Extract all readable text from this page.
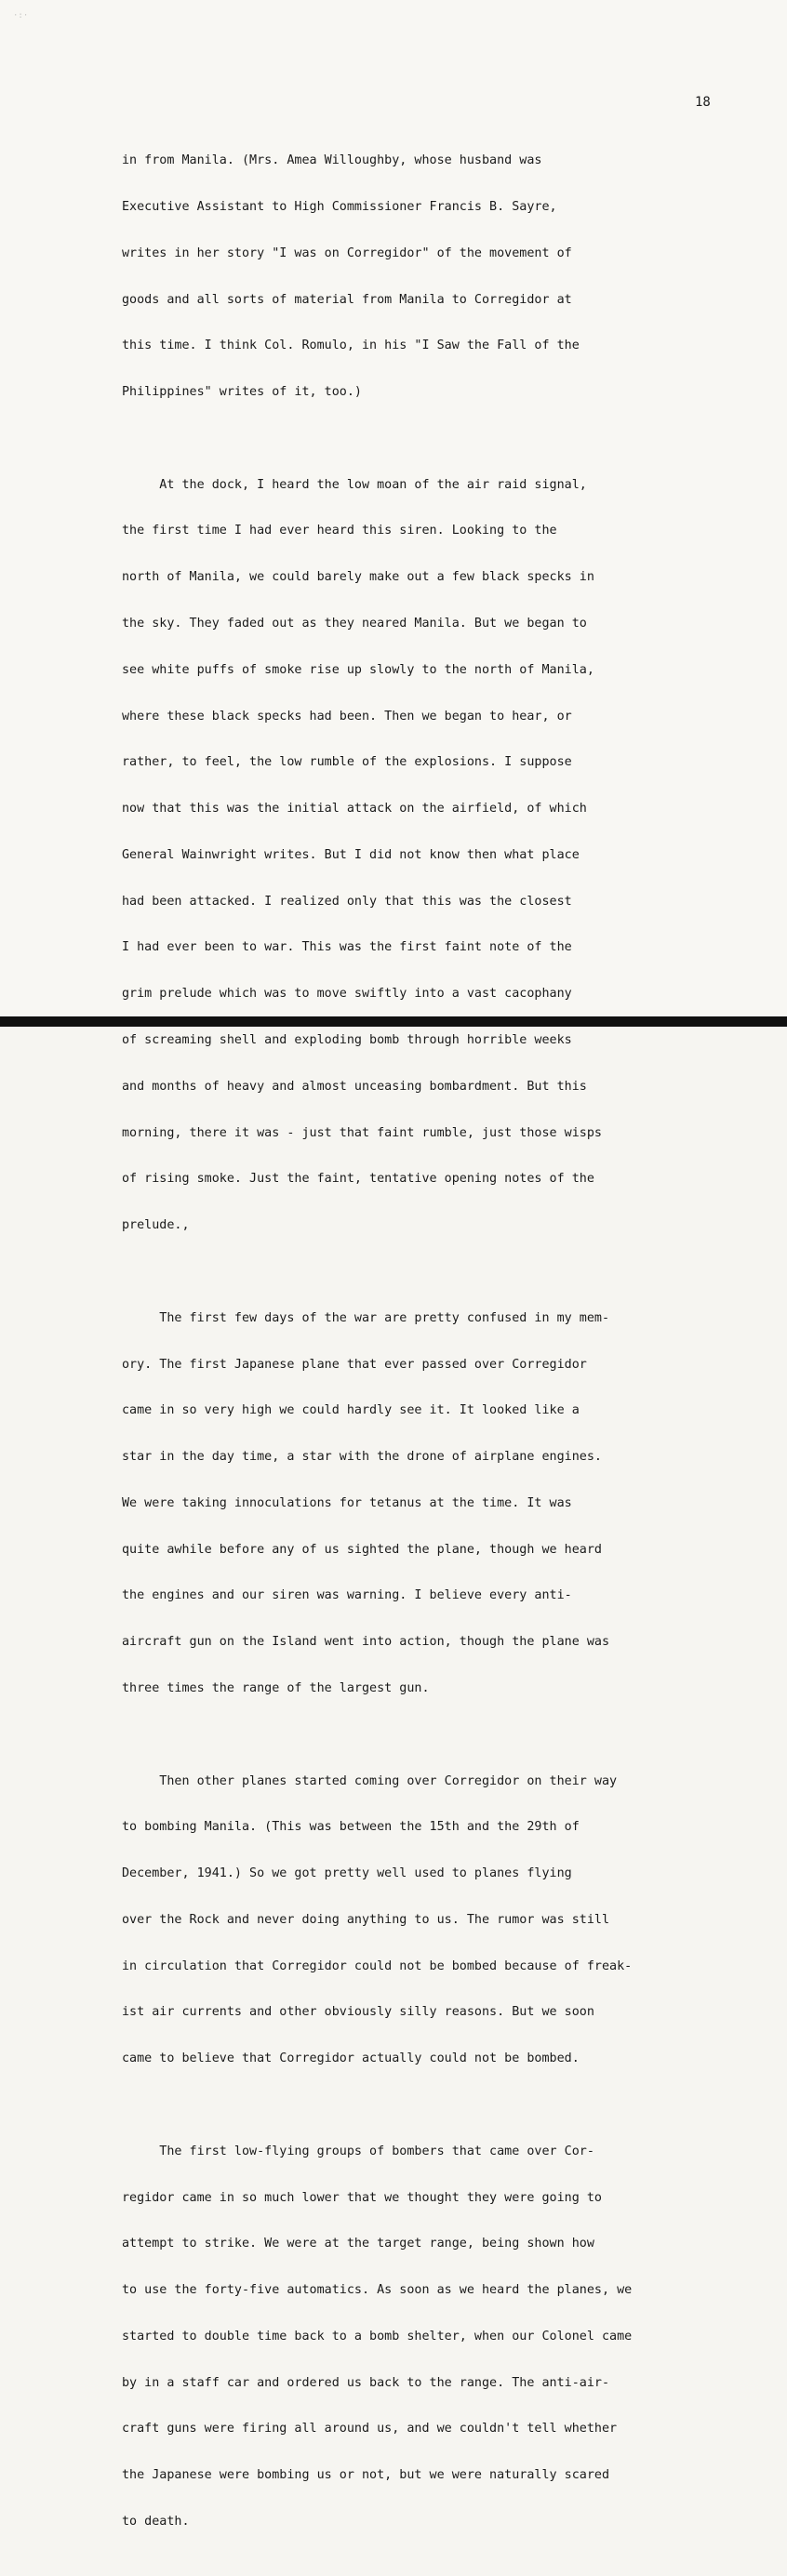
·:·
18

in from Manila. (Mrs. Amea Willoughby, whose husband was

Executive Assistant to High Commissioner Francis B. Sayre,

writes in her story "I was on Corregidor" of the movement of

goods and all sorts of material from Manila to Corregidor at

this time. I think Col. Romulo, in his "I Saw the Fall of the

Philippines" writes of it, too.)

At the dock, I heard the low moan of the air raid signal,

the first time I had ever heard this siren. Looking to the

north of Manila, we could barely make out a few black specks in

the sky. They faded out as they neared Manila. But we began to

see white puffs of smoke rise up slowly to the north of Manila,

where these black specks had been. Then we began to hear, or

rather, to feel, the low rumble of the explosions. I suppose

now that this was the initial attack on the airfield, of which

General Wainwright writes. But I did not know then what place

had been attacked. I realized only that this was the closest

I had ever been to war. This was the first faint note of the

grim prelude which was to move swiftly into a vast cacophany

of screaming shell and exploding bomb through horrible weeks

and months of heavy and almost unceasing bombardment. But this

morning, there it was - just that faint rumble, just those wisps

of rising smoke. Just the faint, tentative opening notes of the

prelude.,

The first few days of the war are pretty confused in my mem-

ory. The first Japanese plane that ever passed over Corregidor

came in so very high we could hardly see it. It looked like a

star in the day time, a star with the drone of airplane engines.

We were taking innoculations for tetanus at the time. It was

quite awhile before any of us sighted the plane, though we heard

the engines and our siren was warning. I believe every anti-

aircraft gun on the Island went into action, though the plane was

three times the range of the largest gun.

Then other planes started coming over Corregidor on their way

to bombing Manila. (This was between the 15th and the 29th of

December, 1941.) So we got pretty well used to planes flying

over the Rock and never doing anything to us. The rumor was still

in circulation that Corregidor could not be bombed because of freak-

ist air currents and other obviously silly reasons. But we soon

came to believe that Corregidor actually could not be bombed.

The first low-flying groups of bombers that came over Cor-

regidor came in so much lower that we thought they were going to

attempt to strike. We were at the target range, being shown how

to use the forty-five automatics. As soon as we heard the planes, we

started to double time back to a bomb shelter, when our Colonel came

by in a staff car and ordered us back to the range. The anti-air-

craft guns were firing all around us, and we couldn't tell whether

the Japanese were bombing us or not, but we were naturally scared

to death.
